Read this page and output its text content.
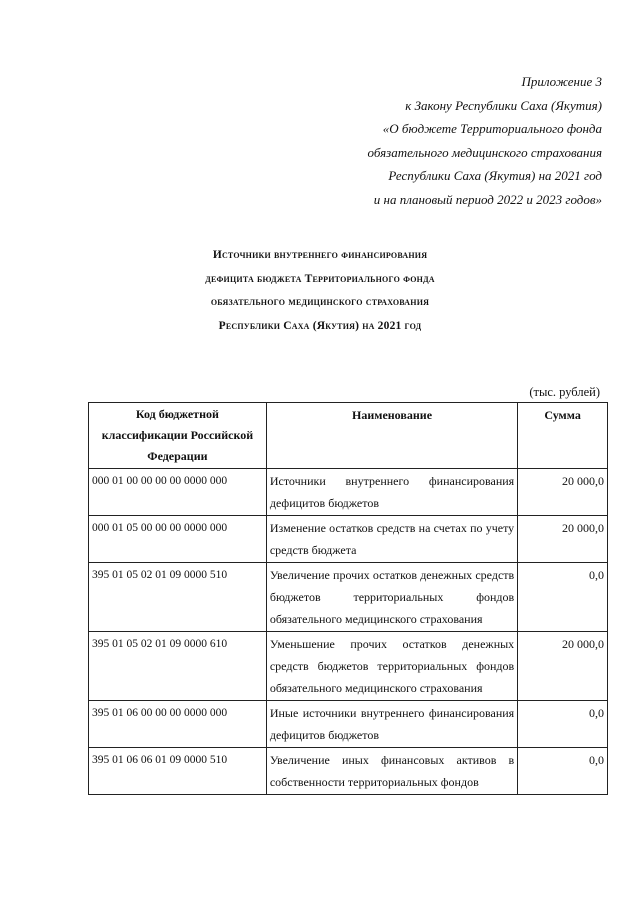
Приложение 3
к Закону Республики Саха (Якутия)
«О бюджете Территориального фонда
обязательного медицинского страхования
Республики Саха (Якутия) на 2021 год
и на плановый период 2022 и 2023 годов»
Источники внутреннего финансирования
дефицита бюджета Территориального фонда
обязательного медицинского страхования
Республики Саха (Якутия) на 2021 год
(тыс. рублей)
Код бюджетной классификации Российской Федерации	Наименование	Сумма
000 01 00 00 00 00 0000 000	Источники внутреннего финансирования дефицитов бюджетов	20 000,0
000 01 05 00 00 00 0000 000	Изменение остатков средств на счетах по учету средств бюджета	20 000,0
395 01 05 02 01 09 0000 510	Увеличение прочих остатков денежных средств бюджетов территориальных фондов обязательного медицинского страхования	0,0
395 01 05 02 01 09 0000 610	Уменьшение прочих остатков денежных средств бюджетов территориальных фондов обязательного медицинского страхования	20 000,0
395 01 06 00 00 00 0000 000	Иные источники внутреннего финансирования дефицитов бюджетов	0,0
395 01 06 06 01 09 0000 510	Увеличение иных финансовых активов в собственности территориальных фондов	0,0
